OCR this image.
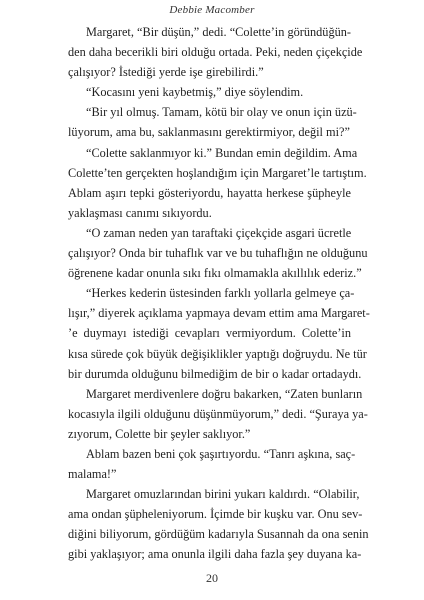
Debbie Macomber

Margaret, “Bir düşün,” dedi. “Colette’in göründüğün-
den daha becerikli biri olduğu ortada. Peki, neden çiçekçide
çalışıyor? İstediği yerde işe girebilirdi.”

“Kocasını yeni kaybetmiş,” diye söylendim.

“Bir yıl olmuş. Tamam, kötü bir olay ve onun için üzü-
lüyorum, ama bu, saklanmasını gerektirmiyor, değil mi?”

“Colette saklanmıyor ki.” Bundan emin değildim. Ama
Colette’ten gerçekten hoşlandığım için Margaret’le tartıştım.
Ablam aşırı tepki gösteriyordu, hayatta herkese şüpheyle
yaklaşması canımı sıkıyordu.

“O zaman neden yan taraftaki çiçekçide asgari ücretle
çalışıyor? Onda bir tuhaflık var ve bu tuhaflığın ne olduğunu
öğrenene kadar onunla sıkı fıkı olmamakla akıllılık ederiz.”

“Herkes kederin üstesinden farklı yollarla gelmeye ça-
lışır,” diyerek açıklama yapmaya devam ettim ama Margaret-
’e duymayı istediği cevapları vermiyordum. Colette’in
kısa sürede çok büyük değişiklikler yaptığı doğruydu. Ne tür
bir durumda olduğunu bilmediğim de bir o kadar ortadaydı.

Margaret merdivenlere doğru bakarken, “Zaten bunların
kocasıyla ilgili olduğunu düşünmüyorum,” dedi. “Şuraya ya-
zıyorum, Colette bir şeyler saklıyor.”

Ablam bazen beni çok şaşırtıyordu. “Tanrı aşkına, saç-
malama!”

Margaret omuzlarından birini yukarı kaldırdı. “Olabilir,
ama ondan şüpheleniyorum. İçimde bir kuşku var. Onu sev-
diğini biliyorum, gördüğüm kadarıyla Susannah da ona senin
gibi yaklaşıyor; ama onunla ilgili daha fazla şey duyana ka-

20
